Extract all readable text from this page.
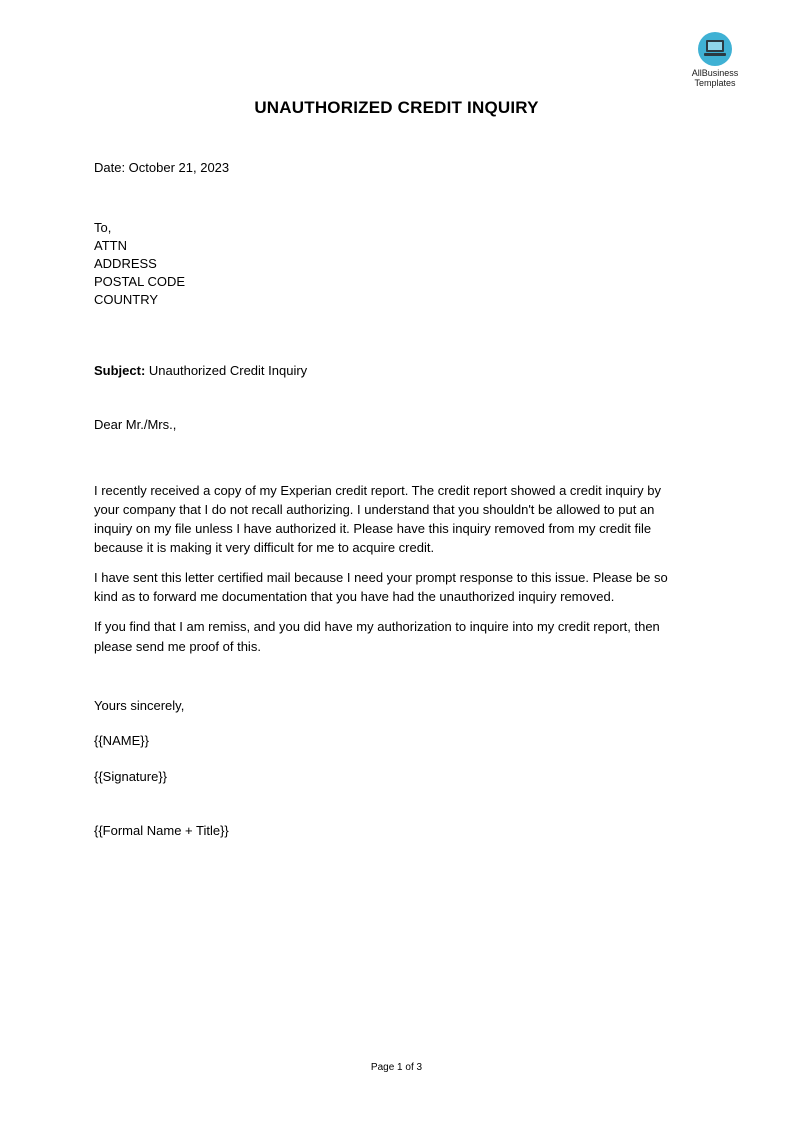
AllBusiness
Templates
UNAUTHORIZED CREDIT INQUIRY
Date: October 21, 2023
To,
ATTN
ADDRESS
POSTAL CODE
COUNTRY
Subject: Unauthorized Credit Inquiry
Dear Mr./Mrs.,

I recently received a copy of my Experian credit report. The credit report showed a credit inquiry by
your company that I do not recall authorizing. I understand that you shouldn't be allowed to put an
inquiry on my file unless I have authorized it. Please have this inquiry removed from my credit file
because it is making it very difficult for me to acquire credit.

I have sent this letter certified mail because I need your prompt response to this issue. Please be so
kind as to forward me documentation that you have had the unauthorized inquiry removed.

If you find that I am remiss, and you did have my authorization to inquire into my credit report, then
please send me proof of this.

Yours sincerely,
{{NAME}}
{{Signature}}
{{Formal Name + Title}}
Page 1 of 3
